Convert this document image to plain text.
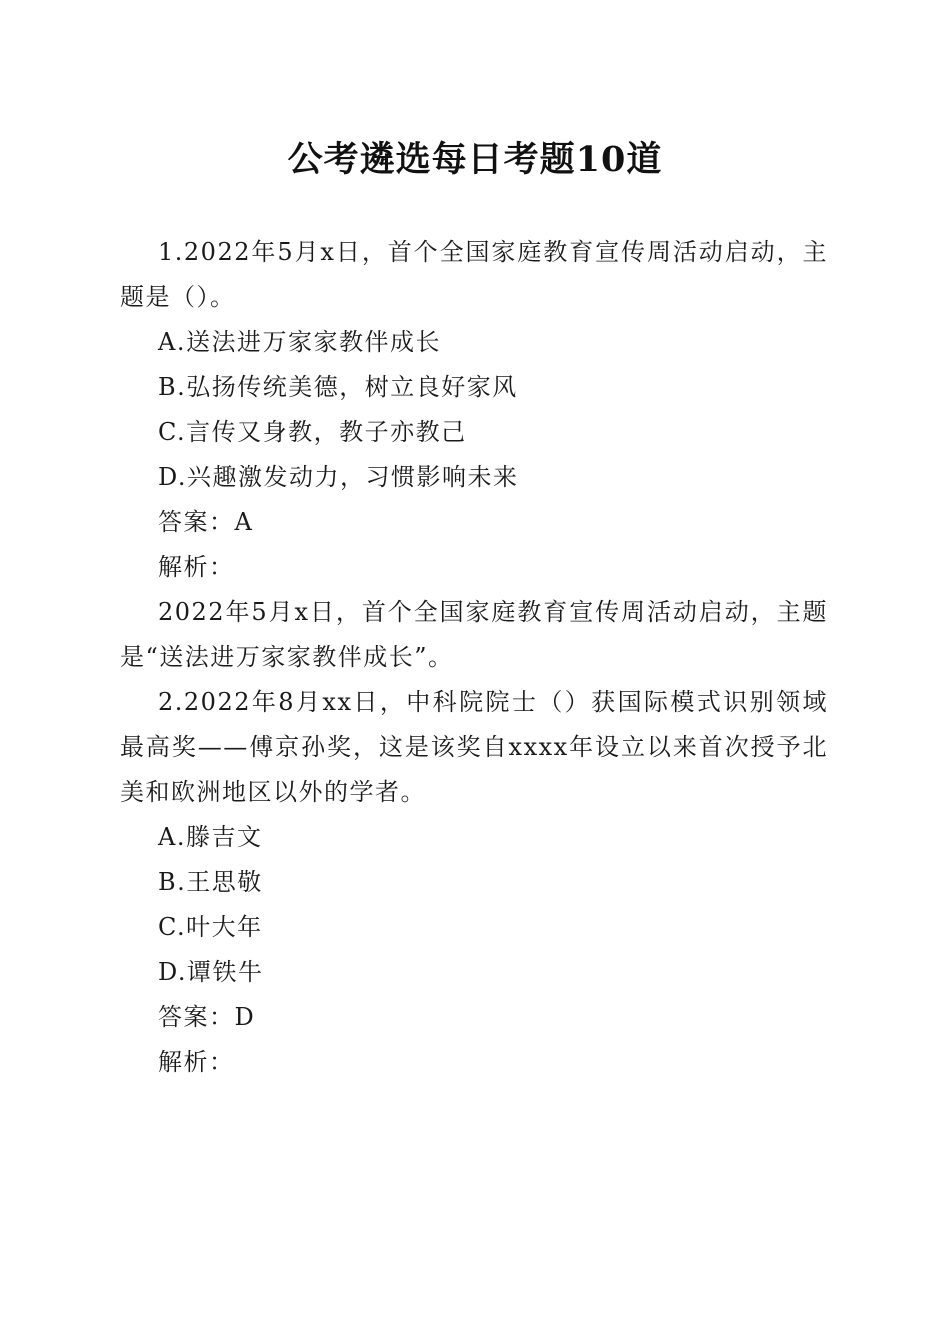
公考遴选每日考题10道

1.2022年5月x日，首个全国家庭教育宣传周活动启动，主题是（）。

A.送法进万家家教伴成长

B.弘扬传统美德，树立良好家风

C.言传又身教，教子亦教己

D.兴趣激发动力，习惯影响未来

答案：A

解析：

2022年5月x日，首个全国家庭教育宣传周活动启动，主题是“送法进万家家教伴成长”。

2.2022年8月xx日，中科院院士（）获国际模式识别领域最高奖——傅京孙奖，这是该奖自xxxx年设立以来首次授予北美和欧洲地区以外的学者。

A.滕吉文

B.王思敬

C.叶大年

D.谭铁牛

答案：D

解析：
